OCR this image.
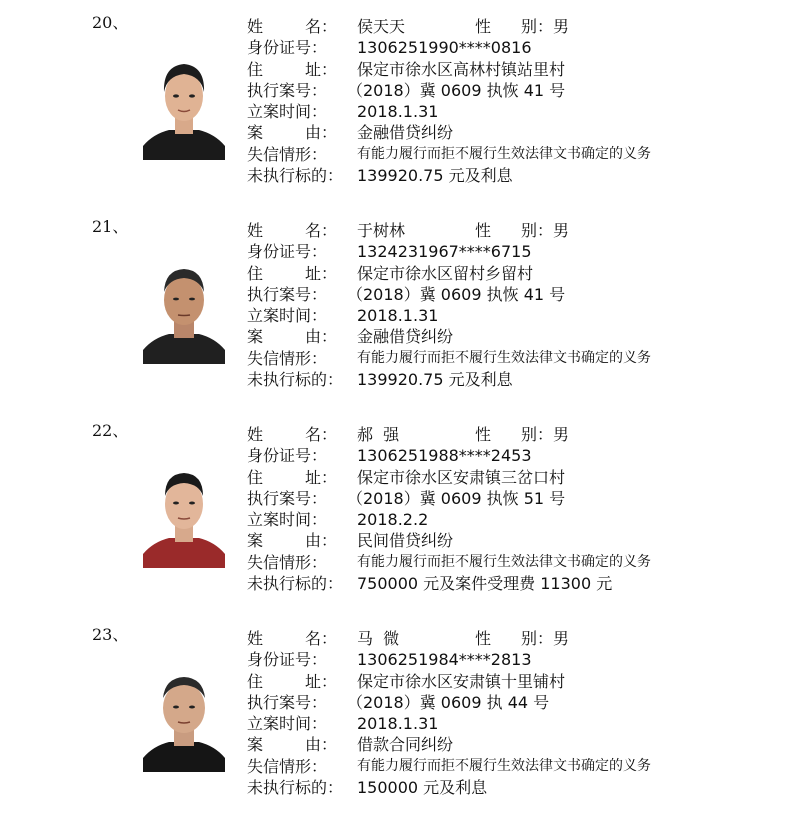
20、	姓	名： 侯天天	性 别：男
身份证号： 1306251990****0816
住	址： 保定市徐水区高林村镇站里村
执行案号： （2018）冀 0609 执恢 41 号
立案时间： 2018.1.31
案	由： 金融借贷纠纷
失信情形： 有能力履行而拒不履行生效法律文书确定的义务
未执行标的： 139920.75 元及利息
21、	姓	名： 于树林	性 别：男
身份证号： 1324231967****6715
住	址： 保定市徐水区留村乡留村
执行案号： （2018）冀 0609 执恢 41 号
立案时间： 2018.1.31
案	由： 金融借贷纠纷
失信情形： 有能力履行而拒不履行生效法律文书确定的义务
未执行标的： 139920.75 元及利息
22、	姓	名： 郝  强	性 别：男
身份证号： 1306251988****2453
住	址： 保定市徐水区安肃镇三岔口村
执行案号： （2018）冀 0609 执恢 51 号
立案时间： 2018.2.2
案	由： 民间借贷纠纷
失信情形： 有能力履行而拒不履行生效法律文书确定的义务
未执行标的： 750000 元及案件受理费 11300 元
23、	姓	名： 马  微	性 别：男
身份证号： 1306251984****2813
住	址： 保定市徐水区安肃镇十里铺村
执行案号： （2018）冀 0609 执 44 号
立案时间： 2018.1.31
案	由： 借款合同纠纷
失信情形： 有能力履行而拒不履行生效法律文书确定的义务
未执行标的： 150000 元及利息
